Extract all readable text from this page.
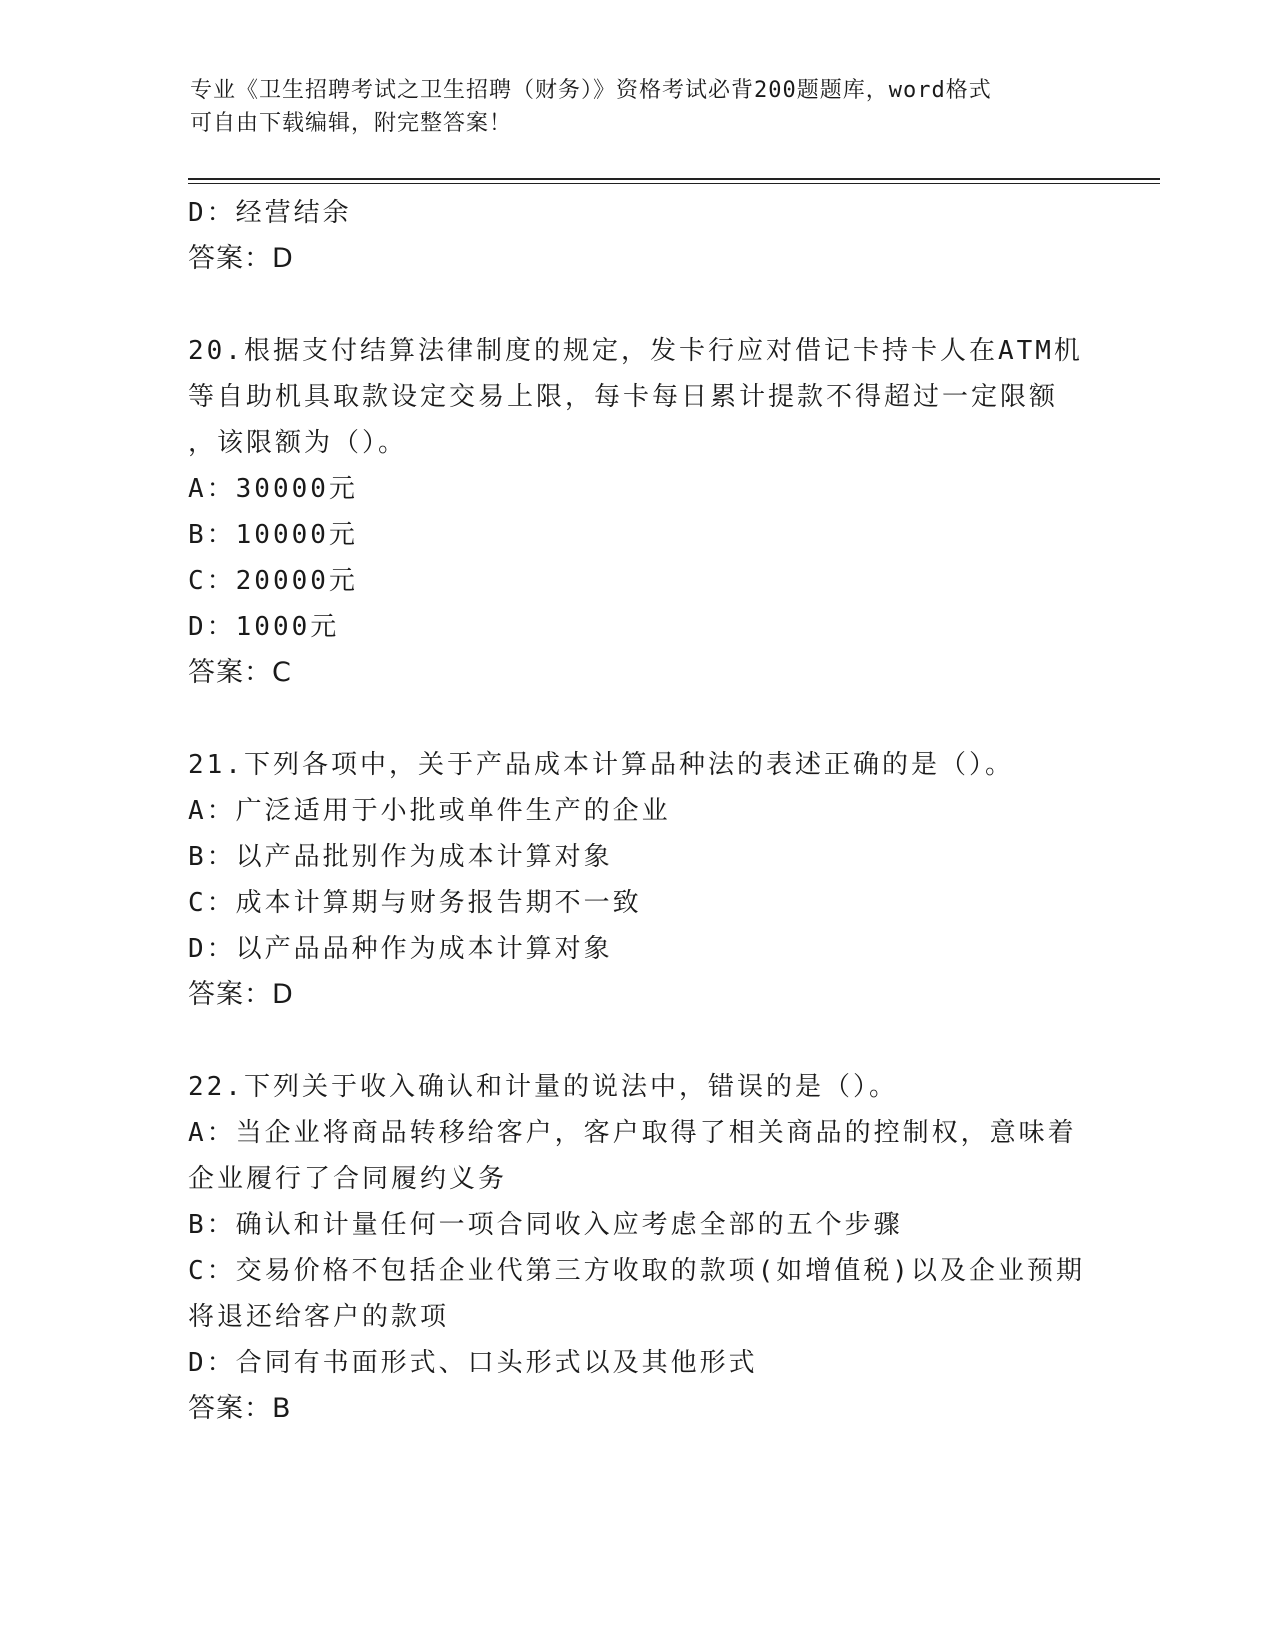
专业《卫生招聘考试之卫生招聘（财务）》资格考试必背200题题库，word格式
可自由下载编辑，附完整答案！
D：经营结余
答案：D
20.根据支付结算法律制度的规定，发卡行应对借记卡持卡人在ATM机
等自助机具取款设定交易上限，每卡每日累计提款不得超过一定限额
，该限额为（）。
A：30000元
B：10000元
C：20000元
D：1000元
答案：C
21.下列各项中，关于产品成本计算品种法的表述正确的是（）。
A：广泛适用于小批或单件生产的企业
B：以产品批别作为成本计算对象
C：成本计算期与财务报告期不一致
D：以产品品种作为成本计算对象
答案：D
22.下列关于收入确认和计量的说法中，错误的是（）。
A：当企业将商品转移给客户，客户取得了相关商品的控制权，意味着
企业履行了合同履约义务
B：确认和计量任何一项合同收入应考虑全部的五个步骤
C：交易价格不包括企业代第三方收取的款项(如增值税)以及企业预期
将退还给客户的款项
D：合同有书面形式、口头形式以及其他形式
答案：B
